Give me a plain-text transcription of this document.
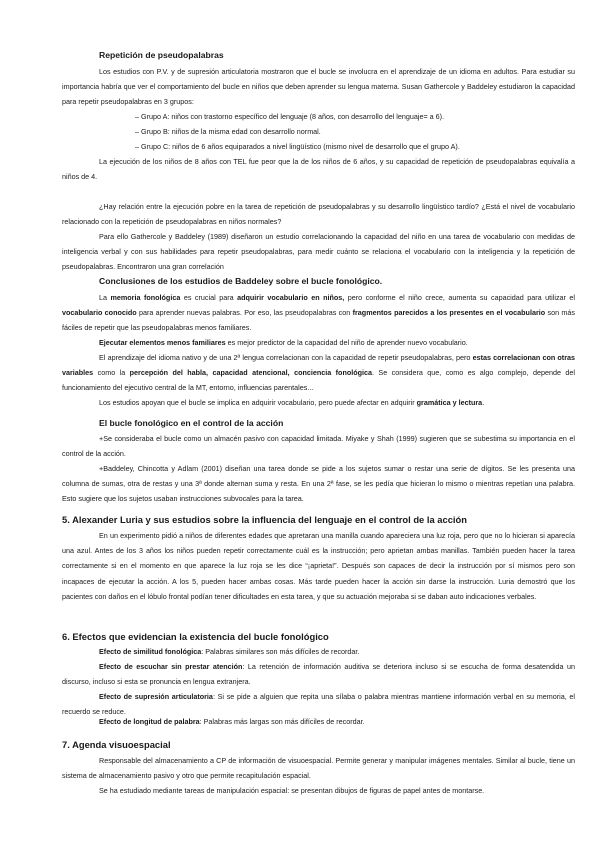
Repetición de pseudopalabras

Los estudios con P.V. y de supresión articulatoria mostraron que el bucle se involucra en el aprendizaje de un idioma en adultos. Para estudiar su importancia habría que ver el comportamiento del bucle en niños que deben aprender su lengua materna. Susan Gathercole y Baddeley estudiaron la capacidad para repetir pseudopalabras en 3 grupos:

– Grupo A: niños con trastorno específico del lenguaje (8 años, con desarrollo del lenguaje= a 6).
– Grupo B: niños de la misma edad con desarrollo normal.
– Grupo C: niños de 6 años equiparados a nivel lingüístico (mismo nivel de desarrollo que el grupo A).

La ejecución de los niños de 8 años con TEL fue peor que la de los niños de 6 años, y su capacidad de repetición de pseudopalabras equivalía a niños de 4.

¿Hay relación entre la ejecución pobre en la tarea de repetición de pseudopalabras y su desarrollo lingüístico tardío? ¿Está el nivel de vocabulario relacionado con la repetición de pseudopalabras en niños normales?

Para ello Gathercole y Baddeley (1989) diseñaron un estudio correlacionando la capacidad del niño en una tarea de vocabulario con medidas de inteligencia verbal y con sus habilidades para repetir pseudopalabras, para medir cuánto se relaciona el vocabulario con la inteligencia y la repetición de pseudopalabras. Encontraron una gran correlación

Conclusiones de los estudios de Baddeley sobre el bucle fonológico.

La memoria fonológica es crucial para adquirir vocabulario en niños, pero conforme el niño crece, aumenta su capacidad para utilizar el vocabulario conocido para aprender nuevas palabras. Por eso, las pseudopalabras con fragmentos parecidos a los presentes en el vocabulario son más fáciles de repetir que las pseudopalabras menos familiares.

Ejecutar elementos menos familiares es mejor predictor de la capacidad del niño de aprender nuevo vocabulario.

El aprendizaje del idioma nativo y de una 2ª lengua correlacionan con la capacidad de repetir pseudopalabras, pero estas correlacionan con otras variables como la percepción del habla, capacidad atencional, conciencia fonológica. Se considera que, como es algo complejo, depende del funcionamiento del ejecutivo central de la MT, entorno, influencias parentales...

Los estudios apoyan que el bucle se implica en adquirir vocabulario, pero puede afectar en adquirir gramática y lectura.

El bucle fonológico en el control de la acción

+Se consideraba el bucle como un almacén pasivo con capacidad limitada. Miyake y Shah (1999) sugieren que se subestima su importancia en el control de la acción.

+Baddeley, Chincotta y Adlam (2001) diseñan una tarea donde se pide a los sujetos sumar o restar una serie de dígitos. Se les presenta una columna de sumas, otra de restas y una 3ª donde alternan suma y resta. En una 2ª fase, se les pedía que hicieran lo mismo o mientras repetían una palabra. Esto sugiere que los sujetos usaban instrucciones subvocales para la tarea.

5. Alexander Luria y sus estudios sobre la influencia del lenguaje en el control de la acción

En un experimento pidió a niños de diferentes edades que apretaran una manilla cuando apareciera una luz roja, pero que no lo hicieran si aparecía una azul. Antes de los 3 años los niños pueden repetir correctamente cuál es la instrucción; pero aprietan ambas manillas. También pueden hacer la tarea correctamente si en el momento en que aparece la luz roja se les dice “¡aprieta!”. Después son capaces de decir la instrucción por sí mismos pero son incapaces de ejecutar la acción. A los 5, pueden hacer ambas cosas. Más tarde pueden hacer la acción sin darse la instrucción. Luria demostró que los pacientes con daños en el lóbulo frontal podían tener dificultades en esta tarea, y que su actuación mejoraba si se daban auto indicaciones verbales.

6. Efectos que evidencian la existencia del bucle fonológico

Efecto de similitud fonológica: Palabras similares son más difíciles de recordar.

Efecto de escuchar sin prestar atención: La retención de información auditiva se deteriora incluso si se escucha de forma desatendida un discurso, incluso si esta se pronuncia en lengua extranjera.

Efecto de supresión articulatoria: Si se pide a alguien que repita una sílaba o palabra mientras mantiene información verbal en su memoria, el recuerdo se reduce.

Efecto de longitud de palabra: Palabras más largas son más difíciles de recordar.

7. Agenda visuoespacial

Responsable del almacenamiento a CP de información de visuoespacial. Permite generar y manipular imágenes mentales. Similar al bucle, tiene un sistema de almacenamiento pasivo y otro que permite recapitulación espacial.

Se ha estudiado mediante tareas de manipulación espacial: se presentan dibujos de figuras de papel antes de montarse.
